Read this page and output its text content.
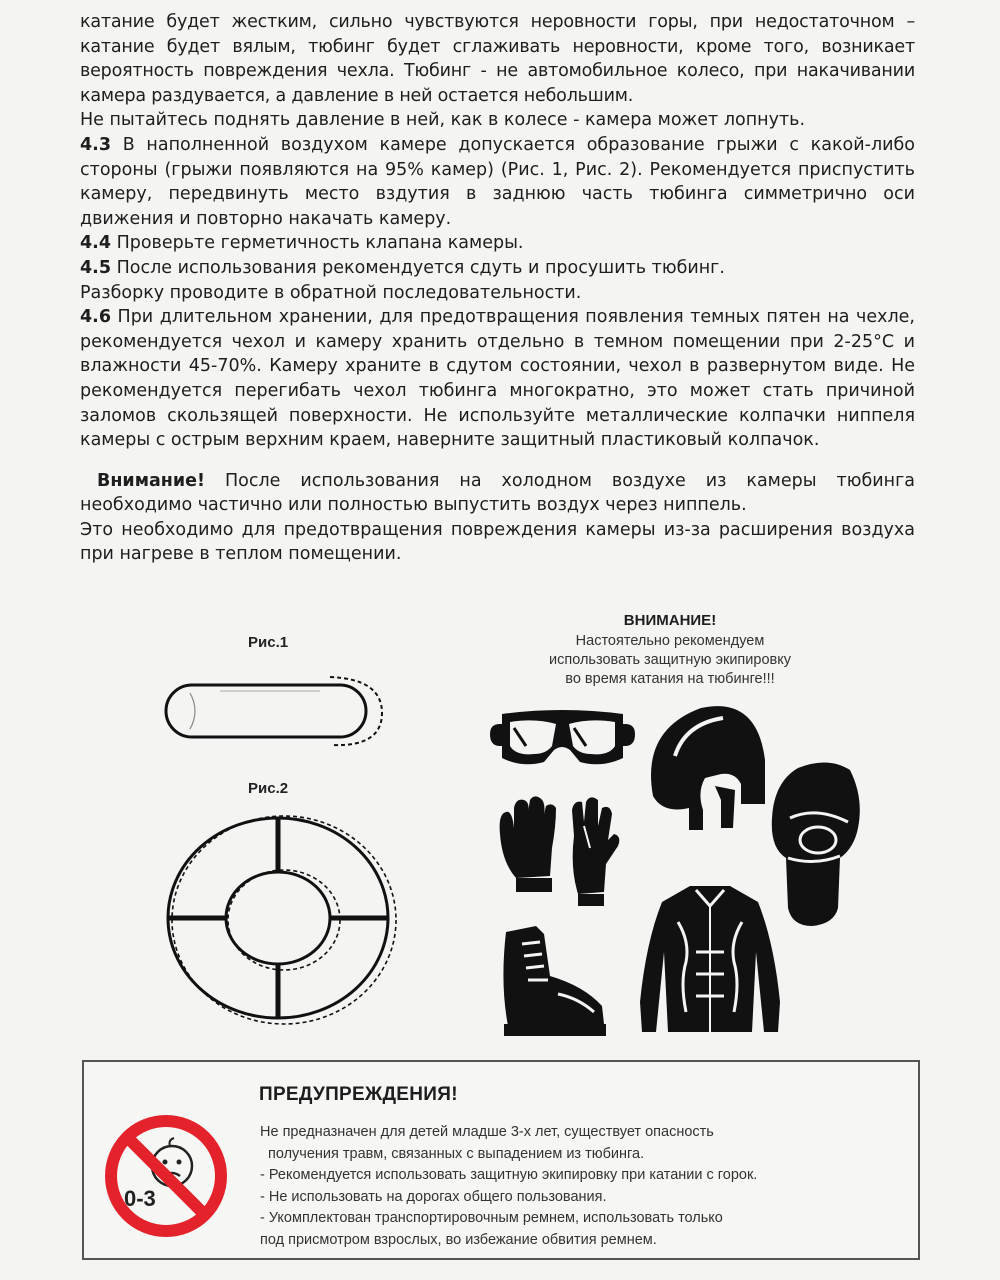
катание будет жестким, сильно чувствуются неровности горы, при недостаточном – катание будет вялым, тюбинг будет сглаживать неровности, кроме того, возникает вероятность повреждения чехла. Тюбинг - не автомобильное колесо, при накачивании камера раздувается, а давление в ней остается небольшим.

Не пытайтесь поднять давление в ней, как в колесе - камера может лопнуть.

4.3 В наполненной воздухом камере допускается образование грыжи с какой-либо стороны (грыжи появляются на 95% камер) (Рис. 1, Рис. 2). Рекомендуется приспустить камеру, передвинуть место вздутия в заднюю часть тюбинга симметрично оси движения и повторно накачать камеру.

4.4 Проверьте герметичность клапана камеры.

4.5 После использования рекомендуется сдуть и просушить тюбинг.

Разборку проводите в обратной последовательности.

4.6 При длительном хранении, для предотвращения появления темных пятен на чехле, рекомендуется чехол и камеру хранить отдельно в темном помещении при 2-25°C и влажности 45-70%. Камеру храните в сдутом состоянии, чехол в развернутом виде. Не рекомендуется перегибать чехол тюбинга многократно, это может стать причиной заломов скользящей поверхности. Не используйте металлические колпачки ниппеля камеры с острым верхним краем, наверните защитный пластиковый колпачок.

Внимание! После использования на холодном воздухе из камеры тюбинга необходимо частично или полностью выпустить воздух через ниппель.

Это необходимо для предотвращения повреждения камеры из-за расширения воздуха при нагреве в теплом помещении.

Рис.1
Рис.2
ВНИМАНИЕ!
Настоятельно рекомендуем
использовать защитную экипировку
во время катания на тюбинге!!!
ПРЕДУПРЕЖДЕНИЯ!
0-3
Не предназначен для детей младше 3-х лет, существует опасность
получения травм, связанных с выпадением из тюбинга.
- Рекомендуется использовать защитную экипировку при катании с горок.
- Не использовать на дорогах общего пользования.
- Укомплектован транспортировочным ремнем, использовать только
под присмотром взрослых, во избежание обвития ремнем.
